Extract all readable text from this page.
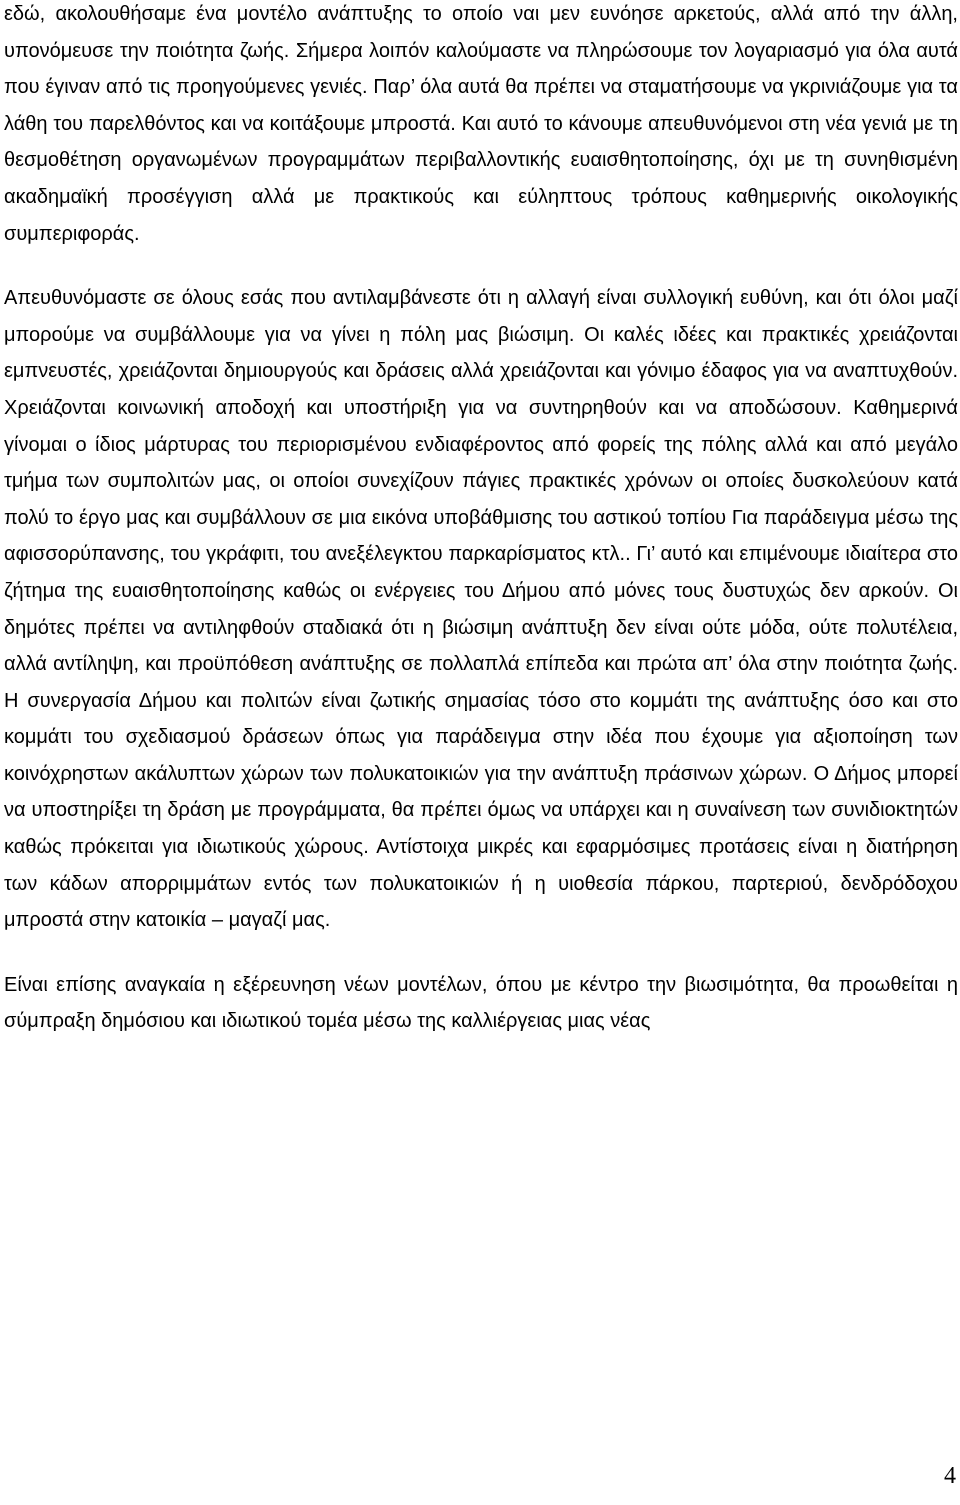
εδώ, ακολουθήσαμε ένα μοντέλο ανάπτυξης το οποίο ναι μεν ευνόησε αρκετούς, αλλά από την άλλη, υπονόμευσε την ποιότητα ζωής. Σήμερα λοιπόν καλούμαστε να πληρώσουμε τον λογαριασμό για όλα αυτά που έγιναν από τις προηγούμενες γενιές. Παρ’ όλα αυτά θα πρέπει να σταματήσουμε να γκρινιάζουμε για τα λάθη του παρελθόντος και να κοιτάξουμε μπροστά. Και αυτό το κάνουμε απευθυνόμενοι στη νέα γενιά με τη θεσμοθέτηση οργανωμένων προγραμμάτων περιβαλλοντικής ευαισθητοποίησης, όχι με τη συνηθισμένη ακαδημαϊκή προσέγγιση αλλά με πρακτικούς και εύληπτους τρόπους καθημερινής οικολογικής συμπεριφοράς.

Απευθυνόμαστε σε όλους εσάς που αντιλαμβάνεστε ότι η αλλαγή είναι συλλογική ευθύνη, και ότι όλοι μαζί μπορούμε να συμβάλλουμε για να γίνει η πόλη μας βιώσιμη. Οι καλές ιδέες και πρακτικές χρειάζονται εμπνευστές, χρειάζονται δημιουργούς και δράσεις αλλά χρειάζονται και γόνιμο έδαφος για να αναπτυχθούν. Χρειάζονται κοινωνική αποδοχή και υποστήριξη για να συντηρηθούν και να αποδώσουν. Καθημερινά γίνομαι ο ίδιος μάρτυρας του περιορισμένου ενδιαφέροντος από φορείς της πόλης αλλά και από μεγάλο τμήμα των συμπολιτών μας, οι οποίοι συνεχίζουν πάγιες πρακτικές χρόνων οι οποίες δυσκολεύουν κατά πολύ το έργο μας και συμβάλλουν σε μια εικόνα υποβάθμισης του αστικού τοπίου Για παράδειγμα μέσω της αφισσορύπανσης, του γκράφιτι, του ανεξέλεγκτου παρκαρίσματος κτλ.. Γι’ αυτό και επιμένουμε ιδιαίτερα στο ζήτημα της ευαισθητοποίησης καθώς οι ενέργειες του Δήμου από μόνες τους δυστυχώς δεν αρκούν. Οι δημότες πρέπει να αντιληφθούν σταδιακά ότι η βιώσιμη ανάπτυξη δεν είναι ούτε μόδα, ούτε πολυτέλεια, αλλά αντίληψη, και προϋπόθεση ανάπτυξης σε πολλαπλά επίπεδα και πρώτα απ’ όλα στην ποιότητα ζωής. Η συνεργασία Δήμου και πολιτών είναι ζωτικής σημασίας τόσο στο κομμάτι της ανάπτυξης όσο και στο κομμάτι του σχεδιασμού δράσεων όπως για παράδειγμα στην ιδέα που έχουμε για αξιοποίηση των κοινόχρηστων ακάλυπτων χώρων των πολυκατοικιών για την ανάπτυξη πράσινων χώρων. Ο Δήμος μπορεί να υποστηρίξει τη δράση με προγράμματα, θα πρέπει όμως να υπάρχει και η συναίνεση των συνιδιοκτητών καθώς πρόκειται για ιδιωτικούς χώρους. Αντίστοιχα μικρές και εφαρμόσιμες προτάσεις είναι η διατήρηση των κάδων απορριμμάτων εντός των πολυκατοικιών ή η υιοθεσία πάρκου, παρτεριού, δενδρόδοχου μπροστά στην κατοικία – μαγαζί μας.

Είναι επίσης αναγκαία η εξέρευνηση νέων μοντέλων, όπου με κέντρο την βιωσιμότητα, θα προωθείται η σύμπραξη δημόσιου και ιδιωτικού τομέα μέσω της καλλιέργειας μιας νέας

4
